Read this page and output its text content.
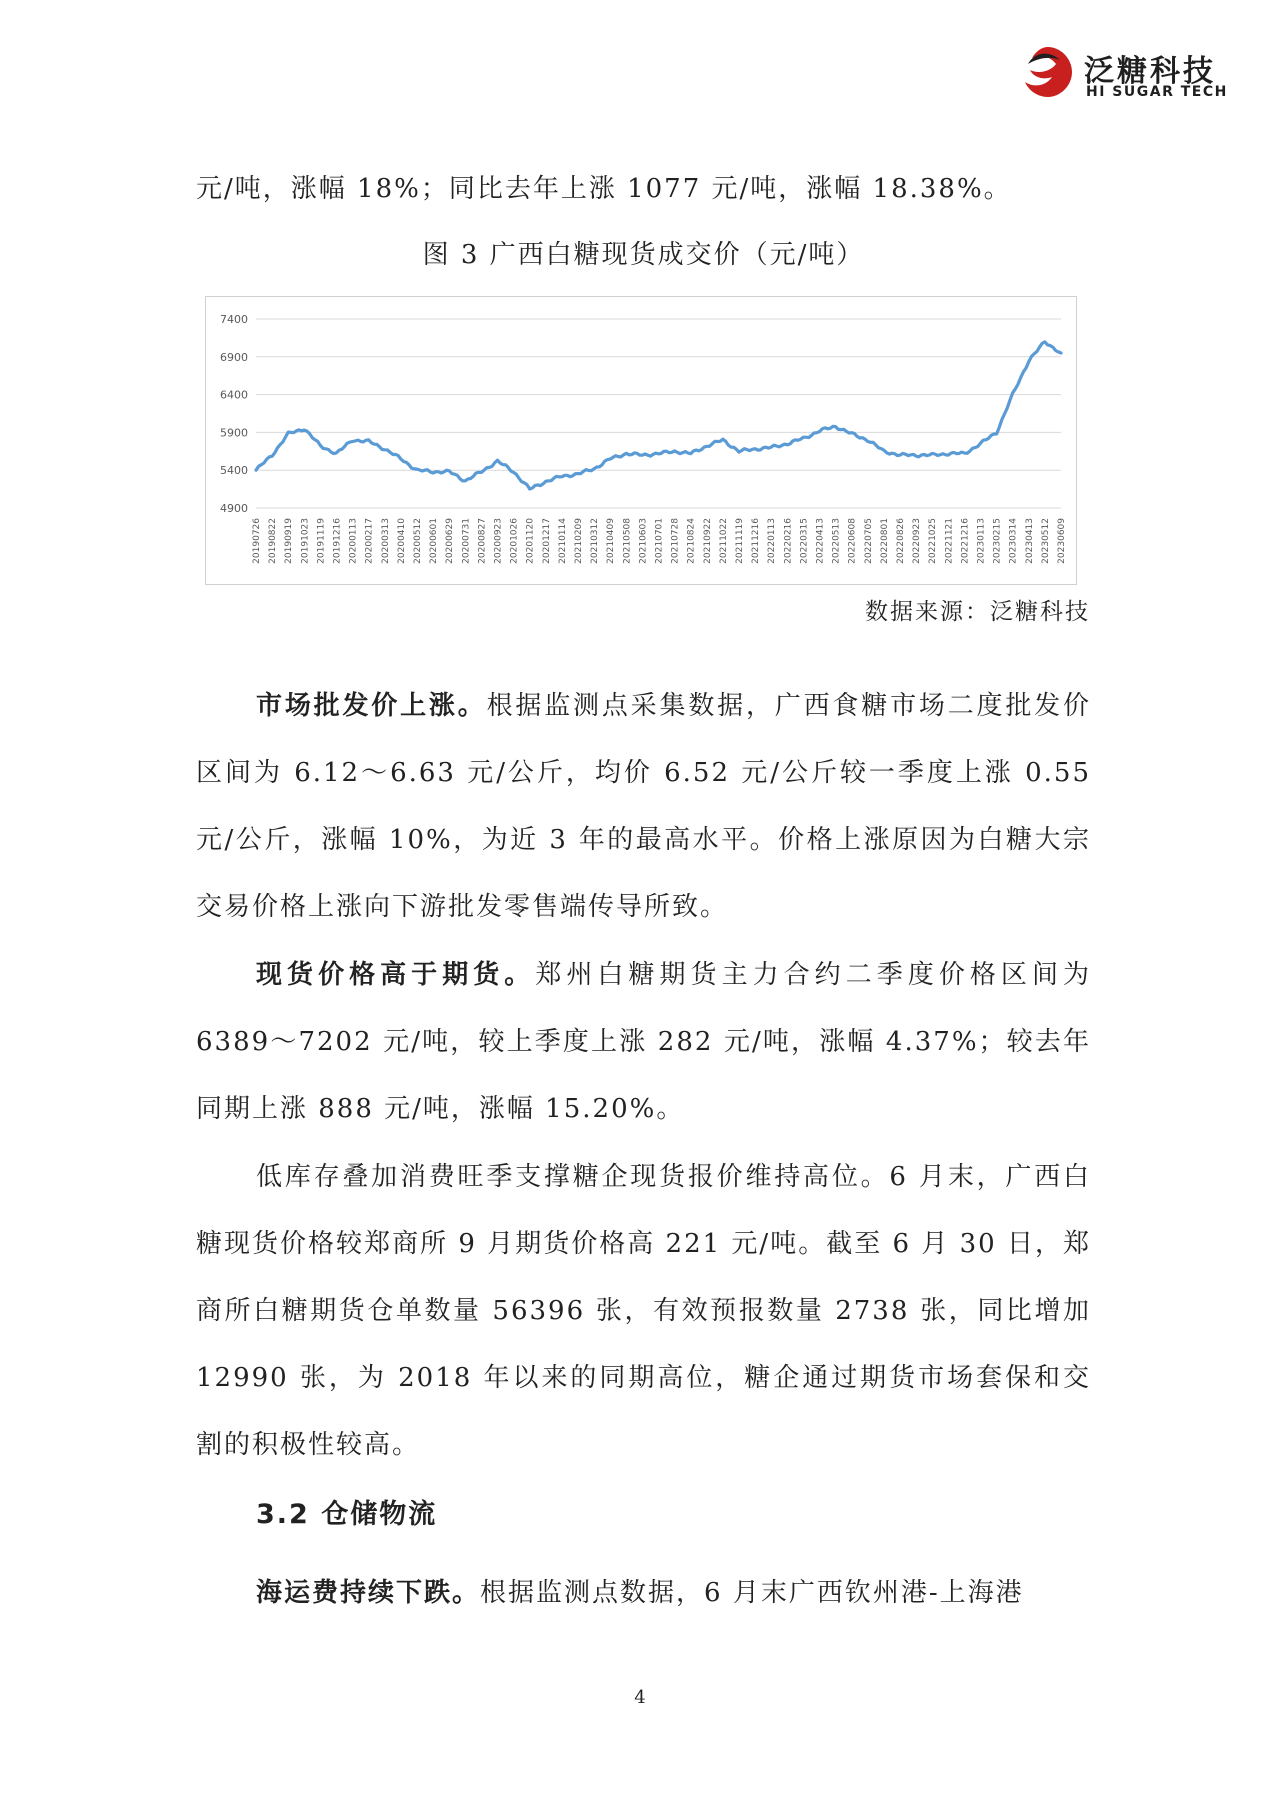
泛糖科技
HI SUGAR TECH

元/吨，涨幅 18%；同比去年上涨 1077 元/吨，涨幅 18.38%。

图 3 广西白糖现货成交价（元/吨）
4900
5400
5900
6400
6900
7400
20190726 20190822 20190919 20191023 20191119 20191216 20200113 20200217 20200313 20200410 20200512 20200601 20200629 20200731 20200827 20200923 20201026 20201120 20201217 20210114 20210209 20210312 20210409 20210508 20210603 20210701 20210728 20210824 20210922 20211022 20211119 20211216 20220113 20220216 20220315 20220413 20220513 20220608 20220705 20220801 20220826 20220923 20221025 20221121 20221216 20230113 20230215 20230314 20230413 20230512 20230609
数据来源：泛糖科技

市场批发价上涨。根据监测点采集数据，广西食糖市场二度批发价区间为 6.12～6.63 元/公斤，均价 6.52 元/公斤较一季度上涨 0.55 元/公斤，涨幅 10%，为近 3 年的最高水平。价格上涨原因为白糖大宗交易价格上涨向下游批发零售端传导所致。

现货价格高于期货。郑州白糖期货主力合约二季度价格区间为 6389～7202 元/吨，较上季度上涨 282 元/吨，涨幅 4.37%；较去年同期上涨 888 元/吨，涨幅 15.20%。

低库存叠加消费旺季支撑糖企现货报价维持高位。6 月末，广西白糖现货价格较郑商所 9 月期货价格高 221 元/吨。截至 6 月 30 日，郑商所白糖期货仓单数量 56396 张，有效预报数量 2738 张，同比增加 12990 张，为 2018 年以来的同期高位，糖企通过期货市场套保和交割的积极性较高。

3.2 仓储物流

海运费持续下跌。根据监测点数据，6 月末广西钦州港-上海港

4
